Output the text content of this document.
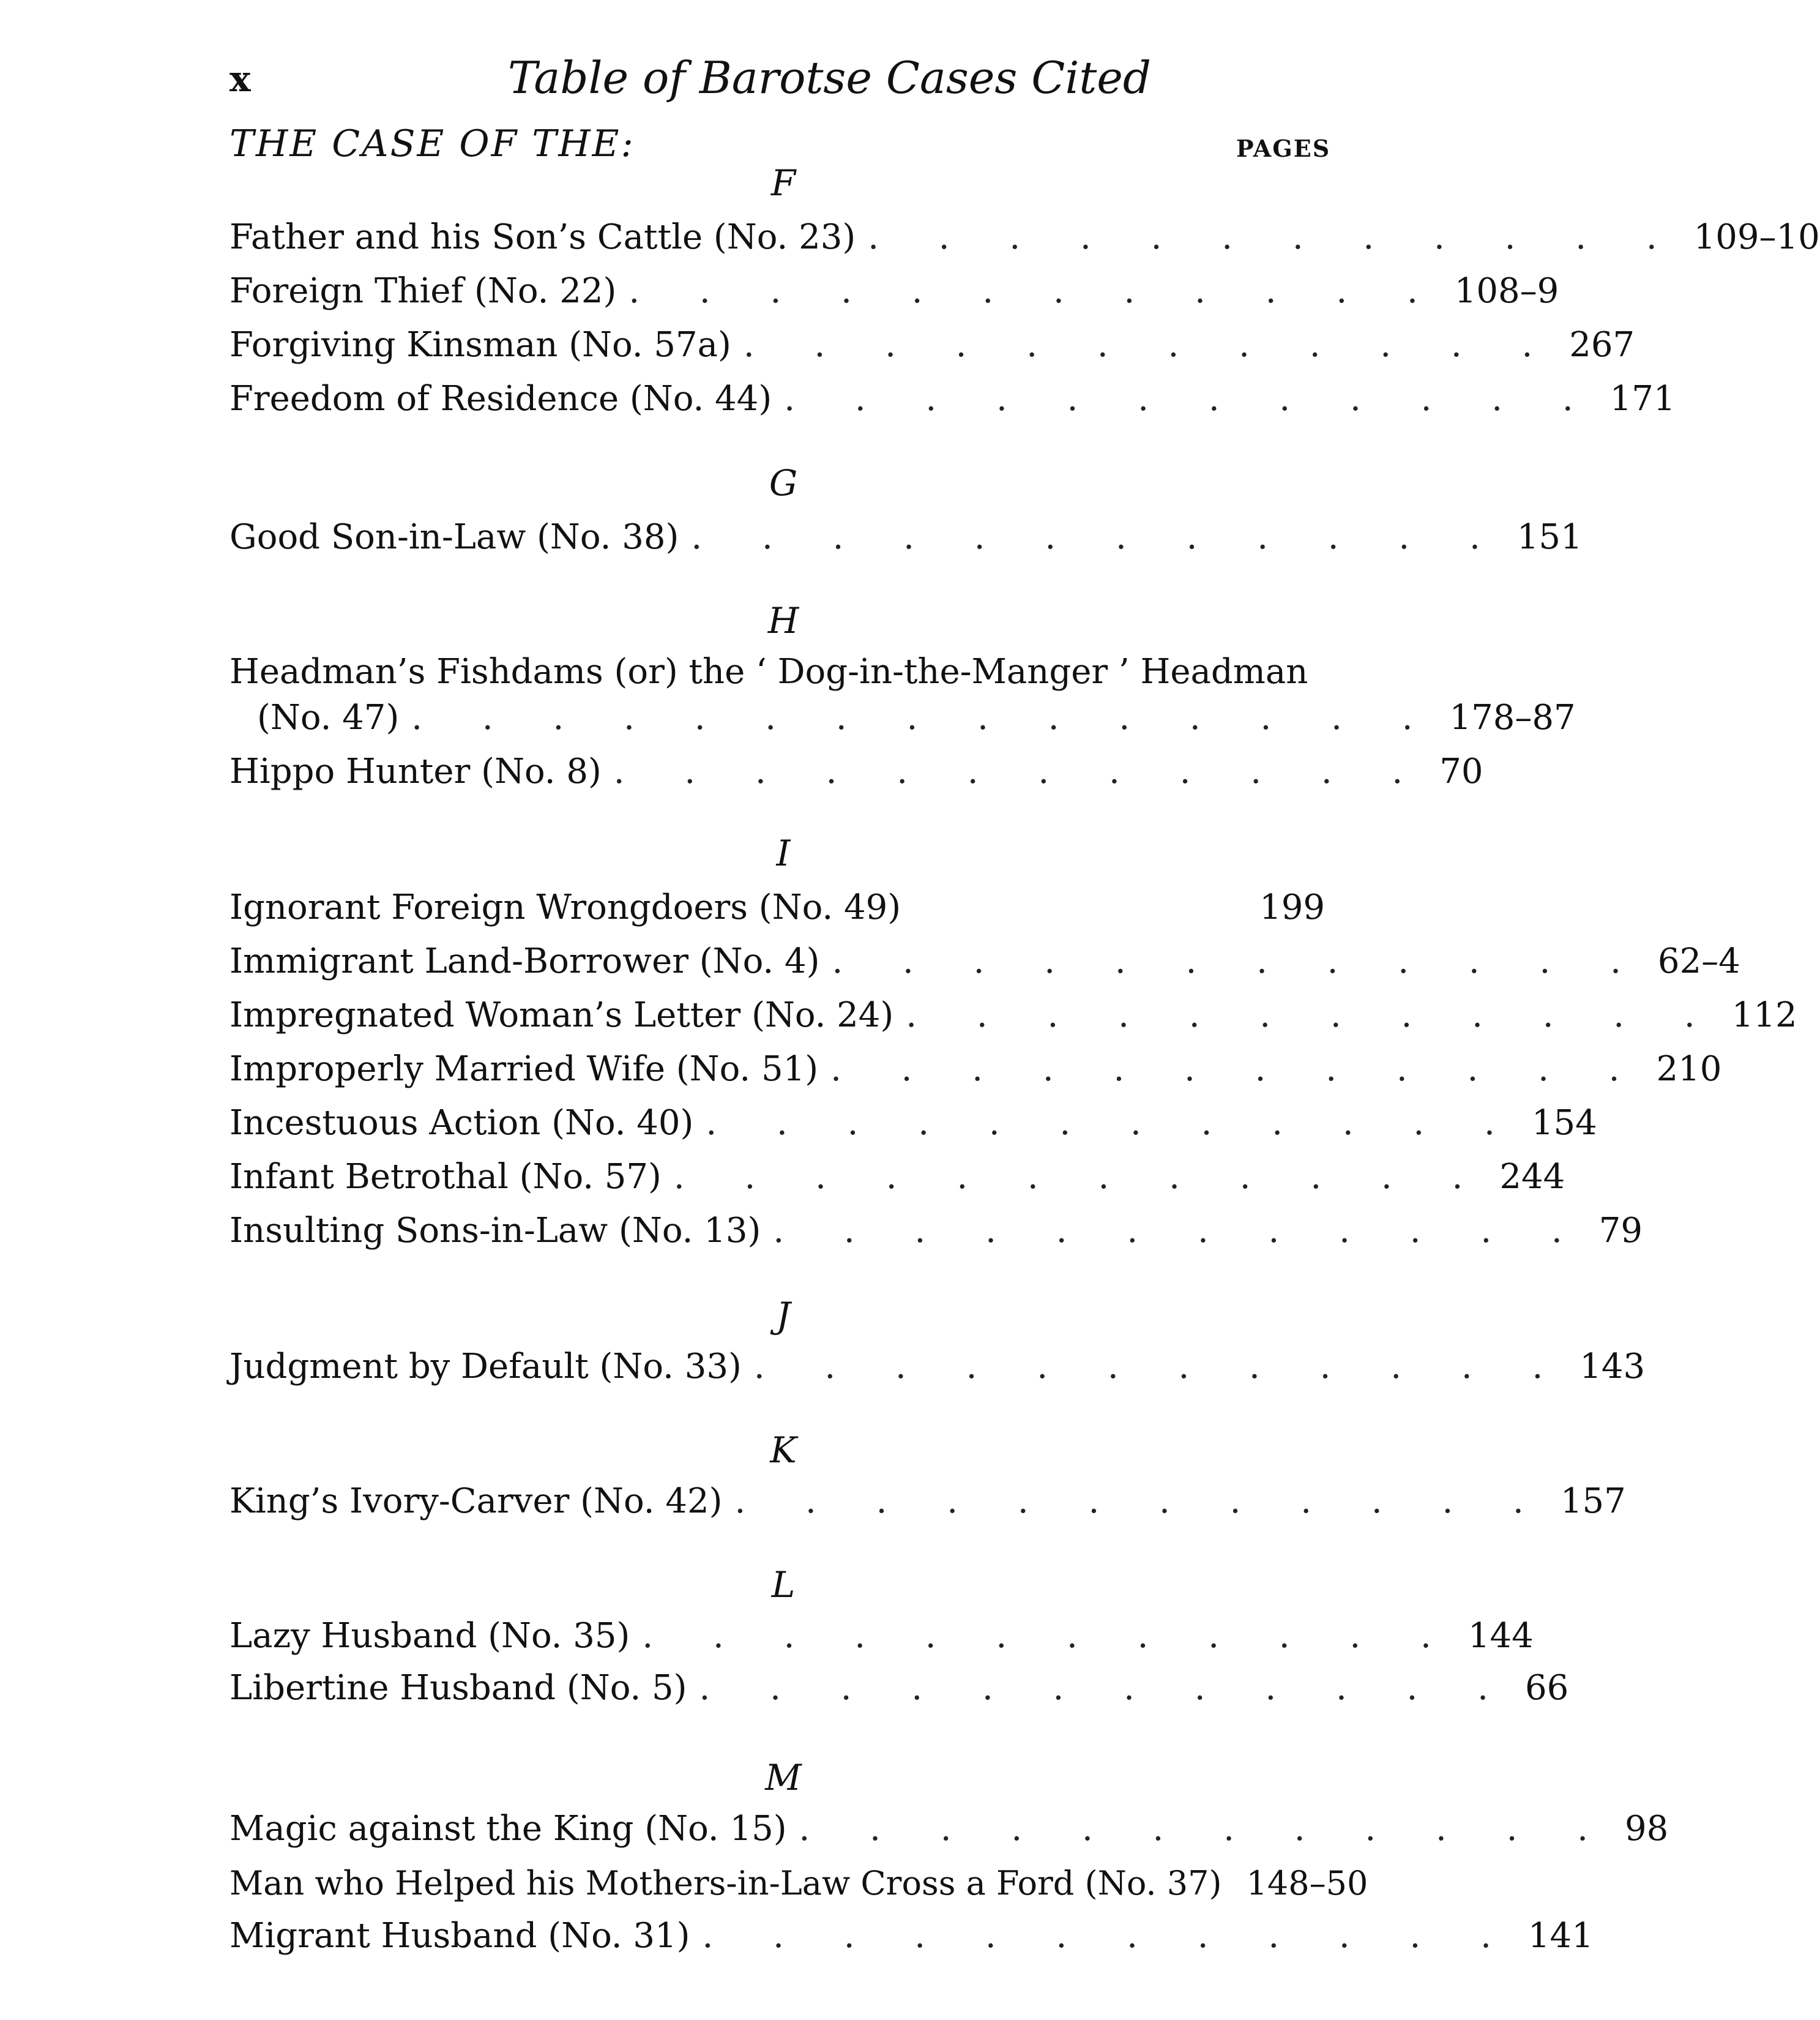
x	Table of Barotse Cases Cited
THE CASE OF THE:	PAGES
F
Father and his Son’s Cattle (No. 23) . . . . . . . . . . . . 109–10
Foreign Thief (No. 22) . . . . . . . . . . . . 108–9
Forgiving Kinsman (No. 57a) . . . . . . . . . . . . 267
Freedom of Residence (No. 44) . . . . . . . . . . . . 171
G
Good Son-in-Law (No. 38) . . . . . . . . . . . . 151
H
Headman’s Fishdams (or) the ‘ Dog-in-the-Manger ’ Headman
(No. 47) . . . . . . . . . . . . . . . 178–87
Hippo Hunter (No. 8) . . . . . . . . . . . . 70
I
Ignorant Foreign Wrongdoers (No. 49)	199
Immigrant Land-Borrower (No. 4) . . . . . . . . . . . . 62–4
Impregnated Woman’s Letter (No. 24) . . . . . . . . . . . . 112
Improperly Married Wife (No. 51) . . . . . . . . . . . . 210
Incestuous Action (No. 40) . . . . . . . . . . . . 154
Infant Betrothal (No. 57) . . . . . . . . . . . . 244
Insulting Sons-in-Law (No. 13) . . . . . . . . . . . . 79
J
Judgment by Default (No. 33) . . . . . . . . . . . . 143
K
King’s Ivory-Carver (No. 42) . . . . . . . . . . . . 157
L
Lazy Husband (No. 35) . . . . . . . . . . . . 144
Libertine Husband (No. 5) . . . . . . . . . . . . 66
M
Magic against the King (No. 15) . . . . . . . . . . . . 98
Man who Helped his Mothers-in-Law Cross a Ford (No. 37) 148–50
Migrant Husband (No. 31) . . . . . . . . . . . . 141
